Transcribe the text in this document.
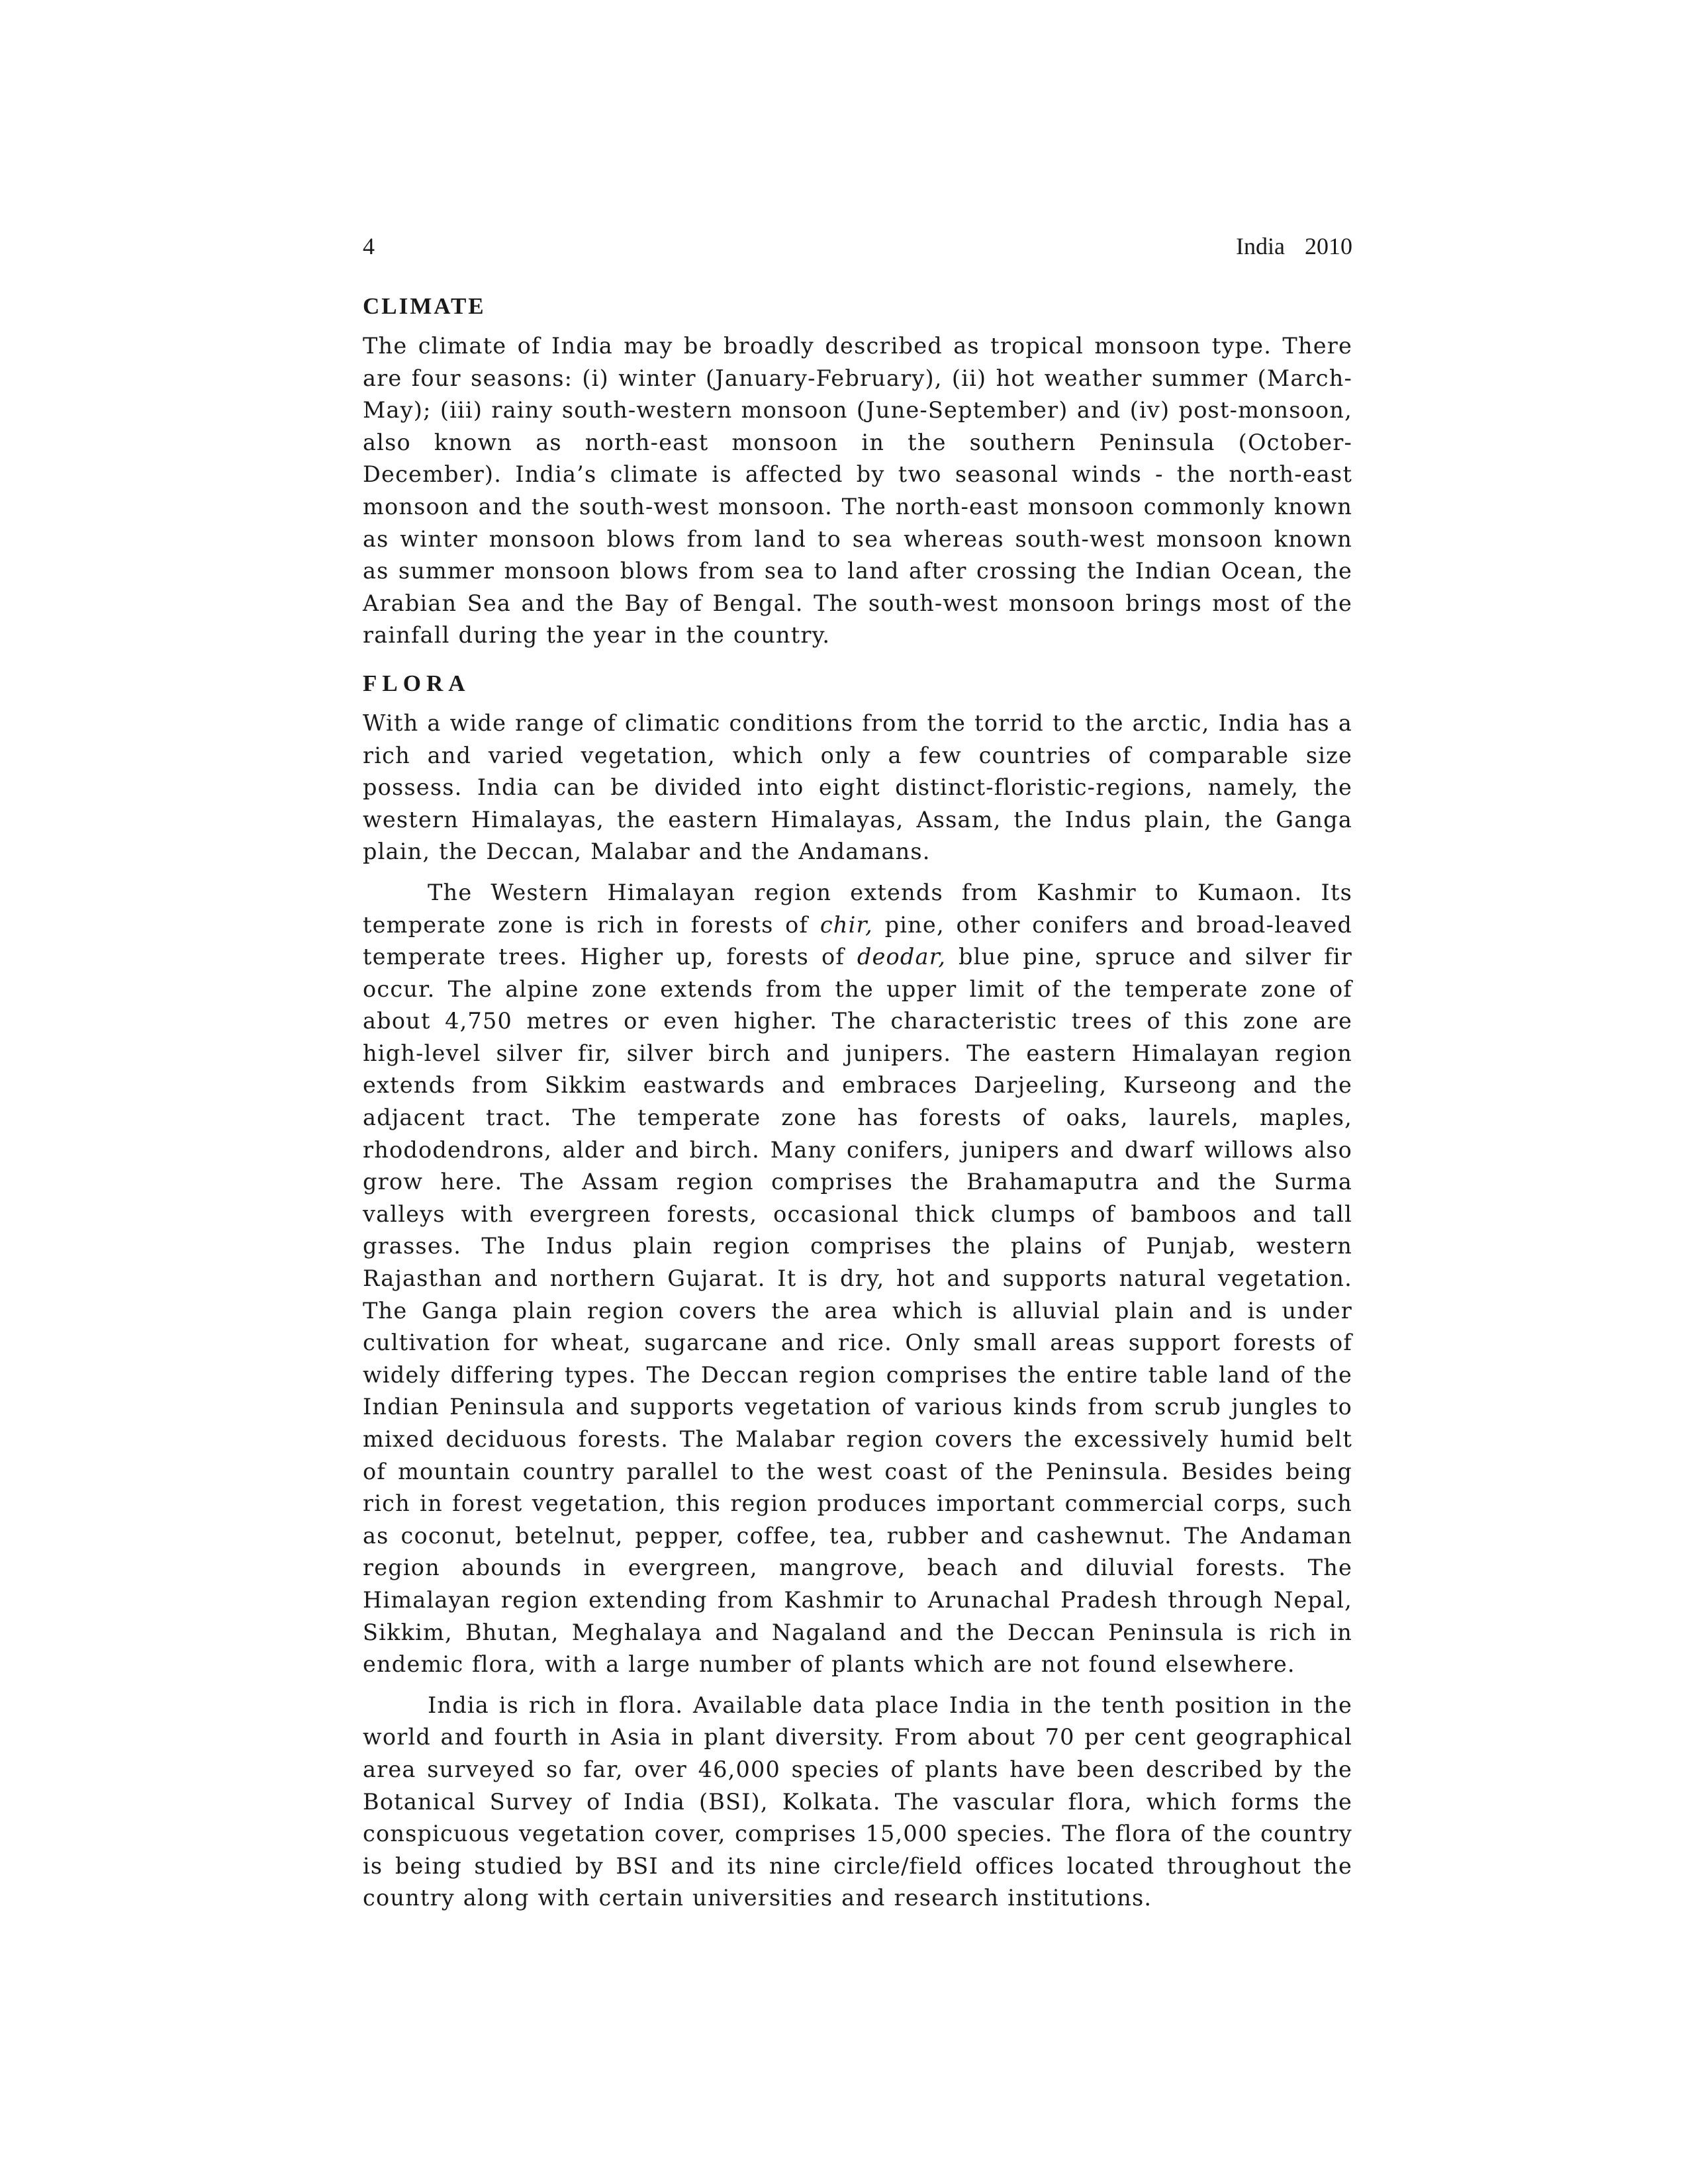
4	India 2010
CLIMATE

The climate of India may be broadly described as tropical monsoon type. There are four seasons: (i) winter (January-February), (ii) hot weather summer (March-May); (iii) rainy south-western monsoon (June-September) and (iv) post-monsoon, also known as north-east monsoon in the southern Peninsula (October-December). India’s climate is affected by two seasonal winds - the north-east monsoon and the south-west monsoon. The north-east monsoon commonly known as winter monsoon blows from land to sea whereas south-west monsoon known as summer monsoon blows from sea to land after crossing the Indian Ocean, the Arabian Sea and the Bay of Bengal. The south-west monsoon brings most of the rainfall during the year in the country.

FLORA

With a wide range of climatic conditions from the torrid to the arctic, India has a rich and varied vegetation, which only a few countries of comparable size possess. India can be divided into eight distinct-floristic-regions, namely, the western Himalayas, the eastern Himalayas, Assam, the Indus plain, the Ganga plain, the Deccan, Malabar and the Andamans.

The Western Himalayan region extends from Kashmir to Kumaon. Its temperate zone is rich in forests of chir, pine, other conifers and broad-leaved temperate trees. Higher up, forests of deodar, blue pine, spruce and silver fir occur. The alpine zone extends from the upper limit of the temperate zone of about 4,750 metres or even higher. The characteristic trees of this zone are high-level silver fir, silver birch and junipers. The eastern Himalayan region extends from Sikkim eastwards and embraces Darjeeling, Kurseong and the adjacent tract. The temperate zone has forests of oaks, laurels, maples, rhododendrons, alder and birch. Many conifers, junipers and dwarf willows also grow here. The Assam region comprises the Brahamaputra and the Surma valleys with evergreen forests, occasional thick clumps of bamboos and tall grasses. The Indus plain region comprises the plains of Punjab, western Rajasthan and northern Gujarat. It is dry, hot and supports natural vegetation. The Ganga plain region covers the area which is alluvial plain and is under cultivation for wheat, sugarcane and rice. Only small areas support forests of widely differing types. The Deccan region comprises the entire table land of the Indian Peninsula and supports vegetation of various kinds from scrub jungles to mixed deciduous forests. The Malabar region covers the excessively humid belt of mountain country parallel to the west coast of the Peninsula. Besides being rich in forest vegetation, this region produces important commercial corps, such as coconut, betelnut, pepper, coffee, tea, rubber and cashewnut. The Andaman region abounds in evergreen, mangrove, beach and diluvial forests. The Himalayan region extending from Kashmir to Arunachal Pradesh through Nepal, Sikkim, Bhutan, Meghalaya and Nagaland and the Deccan Peninsula is rich in endemic flora, with a large number of plants which are not found elsewhere.

India is rich in flora. Available data place India in the tenth position in the world and fourth in Asia in plant diversity. From about 70 per cent geographical area surveyed so far, over 46,000 species of plants have been described by the Botanical Survey of India (BSI), Kolkata. The vascular flora, which forms the conspicuous vegetation cover, comprises 15,000 species. The flora of the country is being studied by BSI and its nine circle/field offices located throughout the country along with certain universities and research institutions.
